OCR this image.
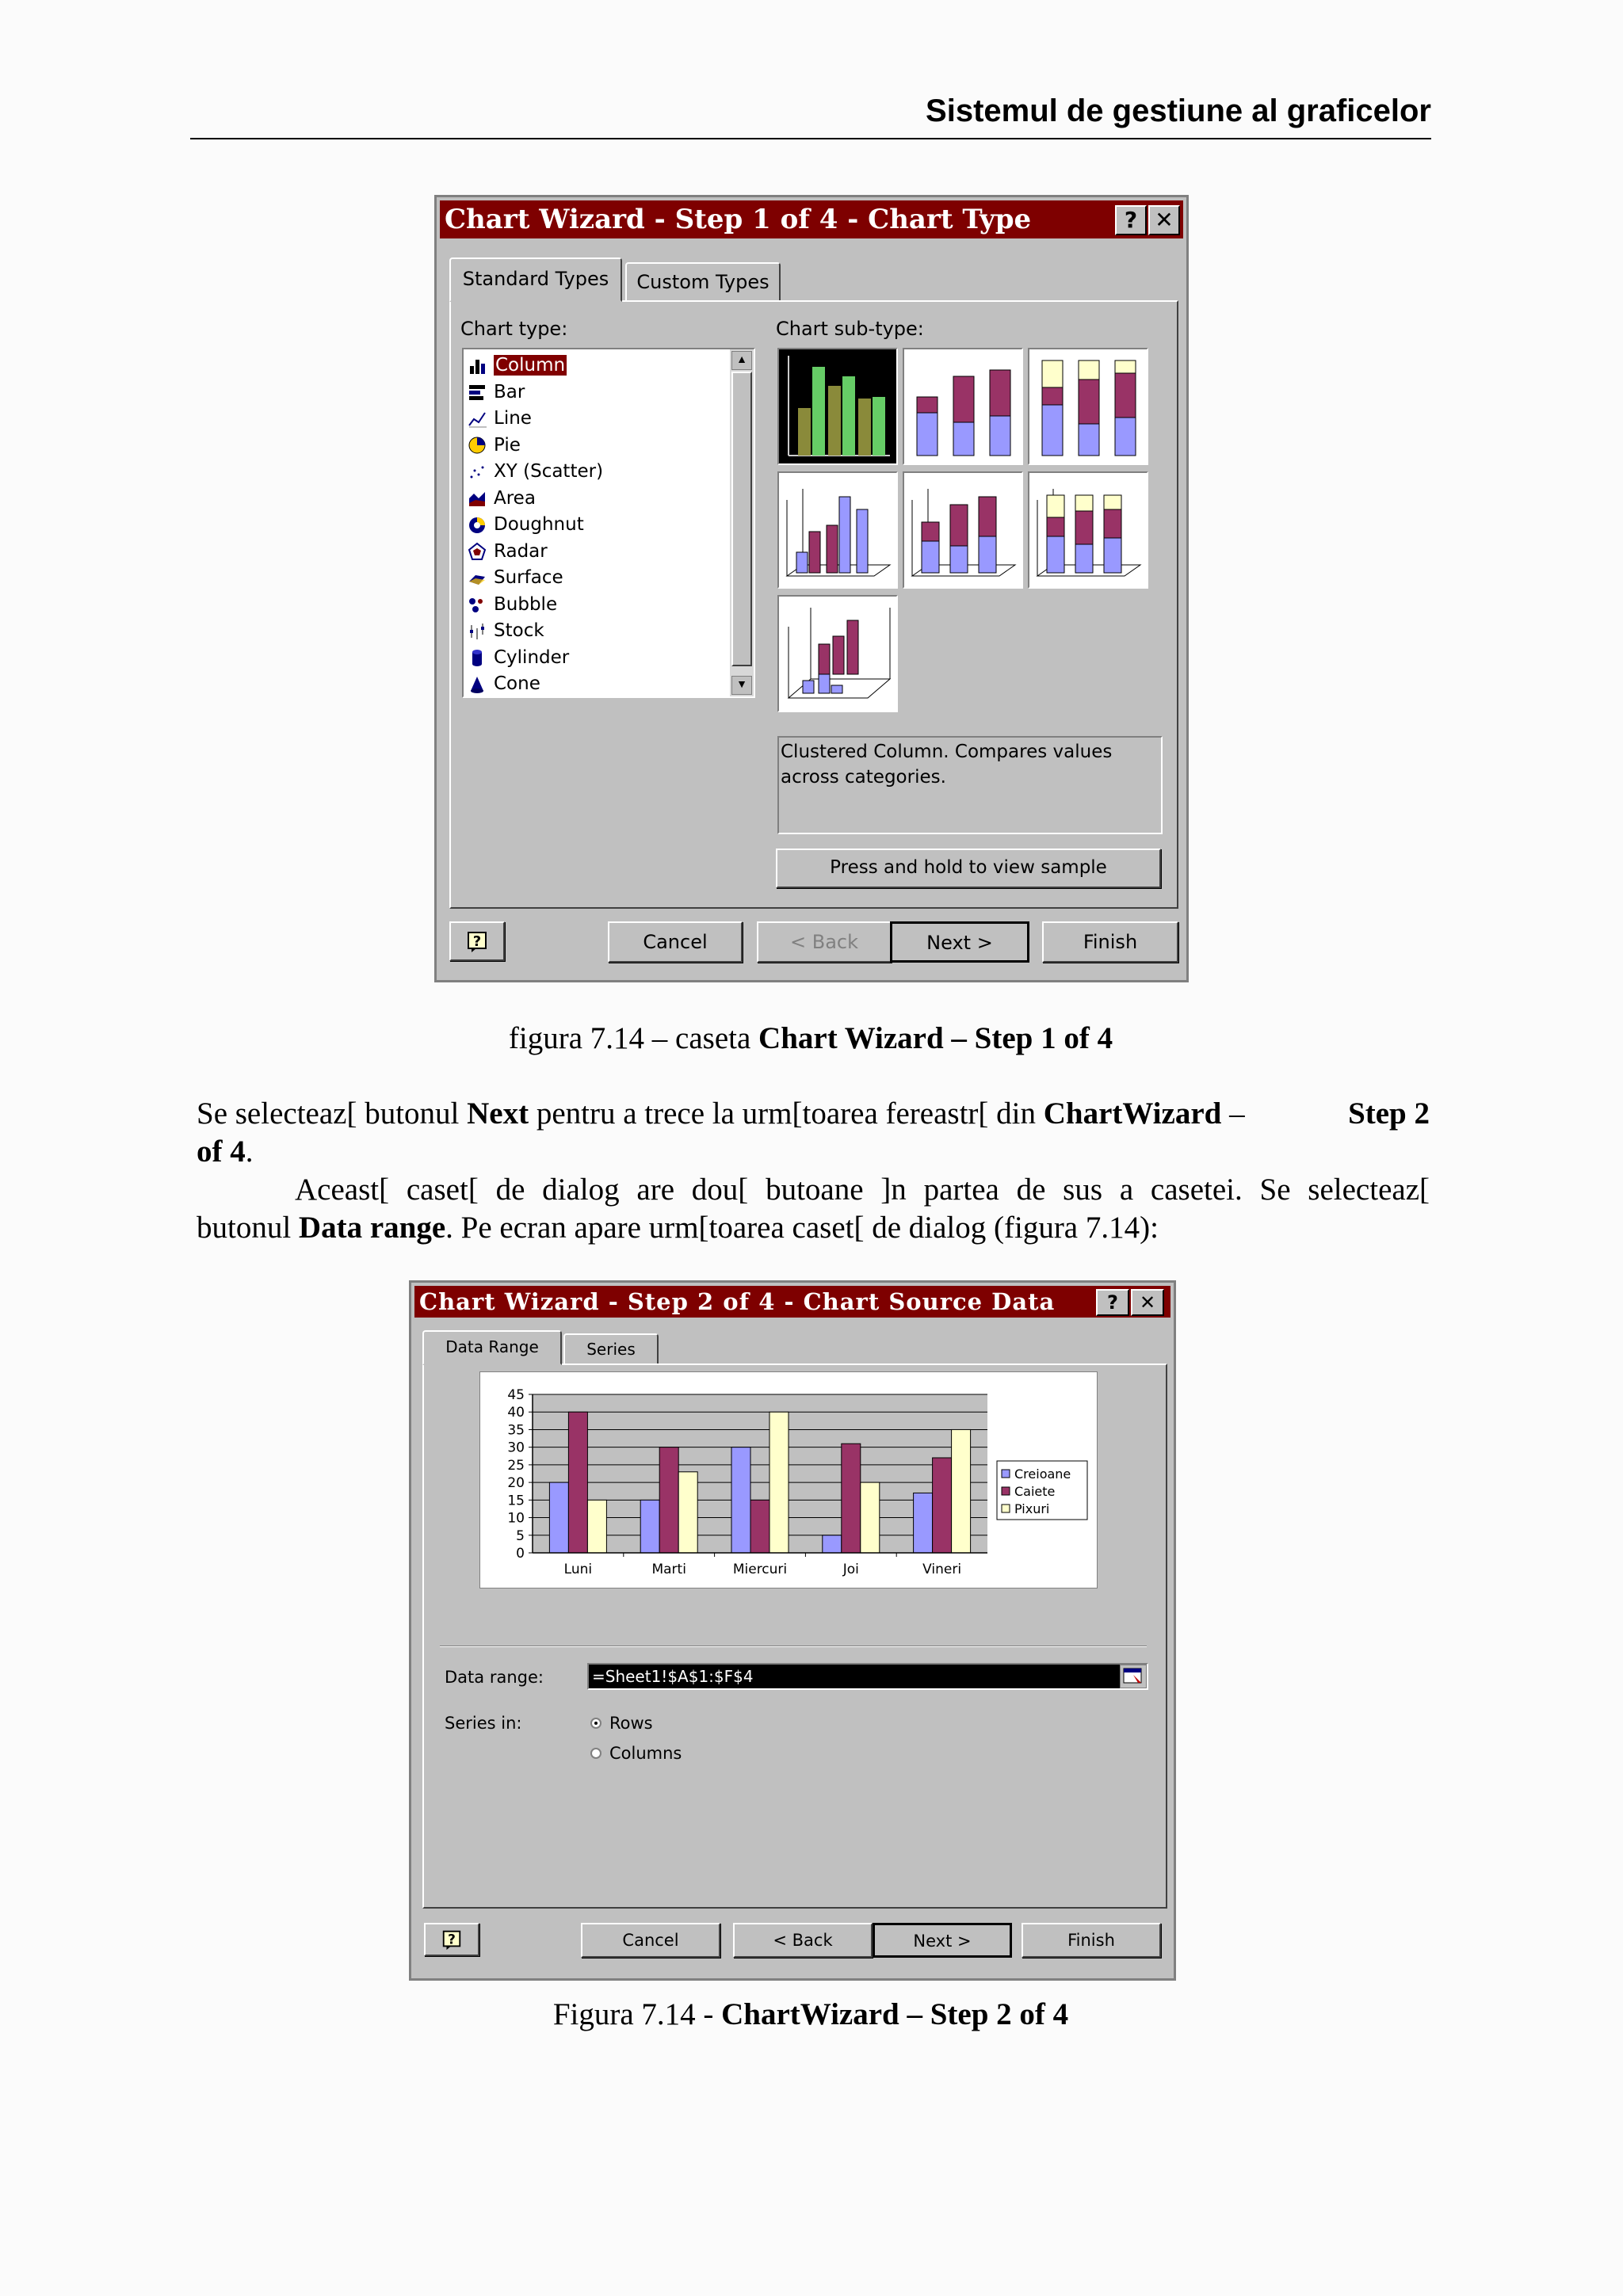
Sistemul de gestiune al graficelor
Chart Wizard - Step 1 of 4 - Chart Type	? ✕
Standard Types	Custom Types
Chart type:	Chart sub-type:
Column
Bar
Line
Pie
XY (Scatter)
Area
Doughnut
Radar
Surface
Bubble
Stock
Cylinder
Cone
▲
▼
Clustered Column. Compares values across categories.
Press and hold to view sample
?	Cancel	< Back	Next >	Finish
figura 7.14 – caseta Chart Wizard – Step 1 of 4
Se selecteaz[ butonul Next pentru a trece la urm[toarea fereastr[ din ChartWizard –	Step 2
of 4.
Aceast[ caset[ de dialog are dou[ butoane ]n partea de sus a casetei. Se selecteaz[
butonul Data range. Pe ecran apare urm[toarea caset[ de dialog (figura 7.14):
Chart Wizard - Step 2 of 4 - Chart Source Data	?	✕
Data Range	Series
0
5
10
15
20
25
30
35
40
45
Luni	Marti	Miercuri	Joi	Vineri
Creioane
Caiete
Pixuri
Data range:	=Sheet1!$A$1:$F$4
Series in:	Rows
Columns
?	Cancel	< Back	Next >	Finish
Figura 7.14 - ChartWizard – Step 2 of 4
